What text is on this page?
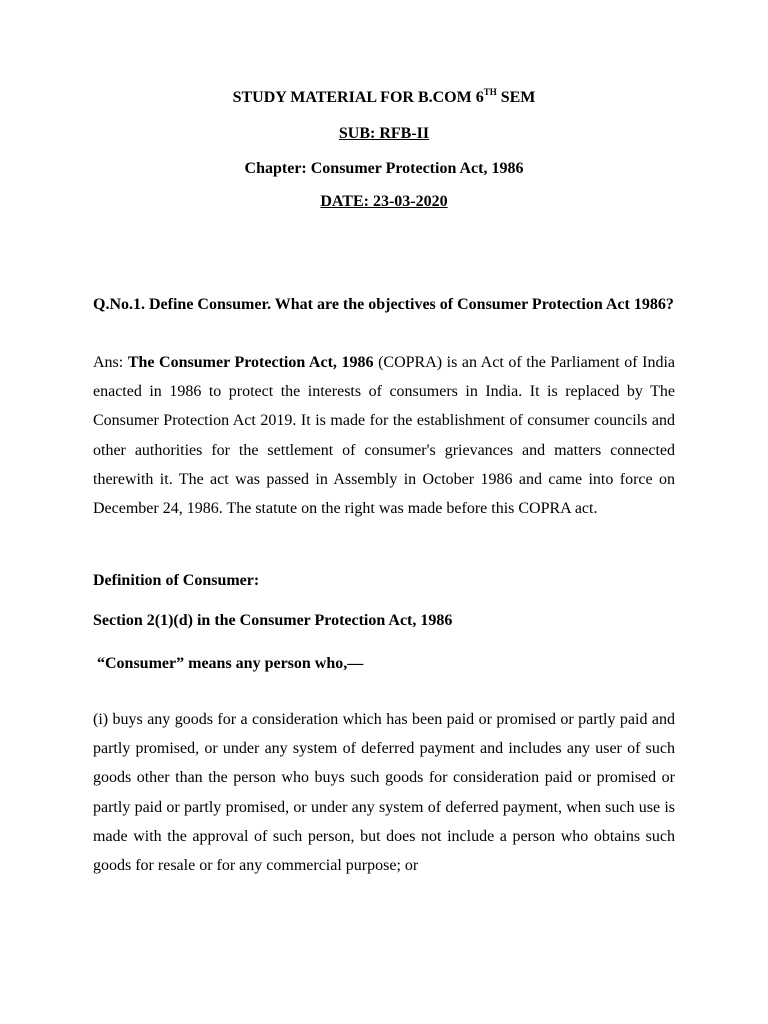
STUDY MATERIAL FOR B.COM 6TH SEM
SUB: RFB-II
Chapter: Consumer Protection Act, 1986
DATE: 23-03-2020
Q.No.1. Define Consumer. What are the objectives of Consumer Protection Act 1986?
Ans: The Consumer Protection Act, 1986 (COPRA) is an Act of the Parliament of India enacted in 1986 to protect the interests of consumers in India. It is replaced by The Consumer Protection Act 2019. It is made for the establishment of consumer councils and other authorities for the settlement of consumer's grievances and matters connected therewith it. The act was passed in Assembly in October 1986 and came into force on December 24, 1986. The statute on the right was made before this COPRA act.
Definition of Consumer:
Section 2(1)(d) in the Consumer Protection Act, 1986
“Consumer” means any person who,—
(i) buys any goods for a consideration which has been paid or promised or partly paid and partly promised, or under any system of deferred payment and includes any user of such goods other than the person who buys such goods for consideration paid or promised or partly paid or partly promised, or under any system of deferred payment, when such use is made with the approval of such person, but does not include a person who obtains such goods for resale or for any commercial purpose; or
